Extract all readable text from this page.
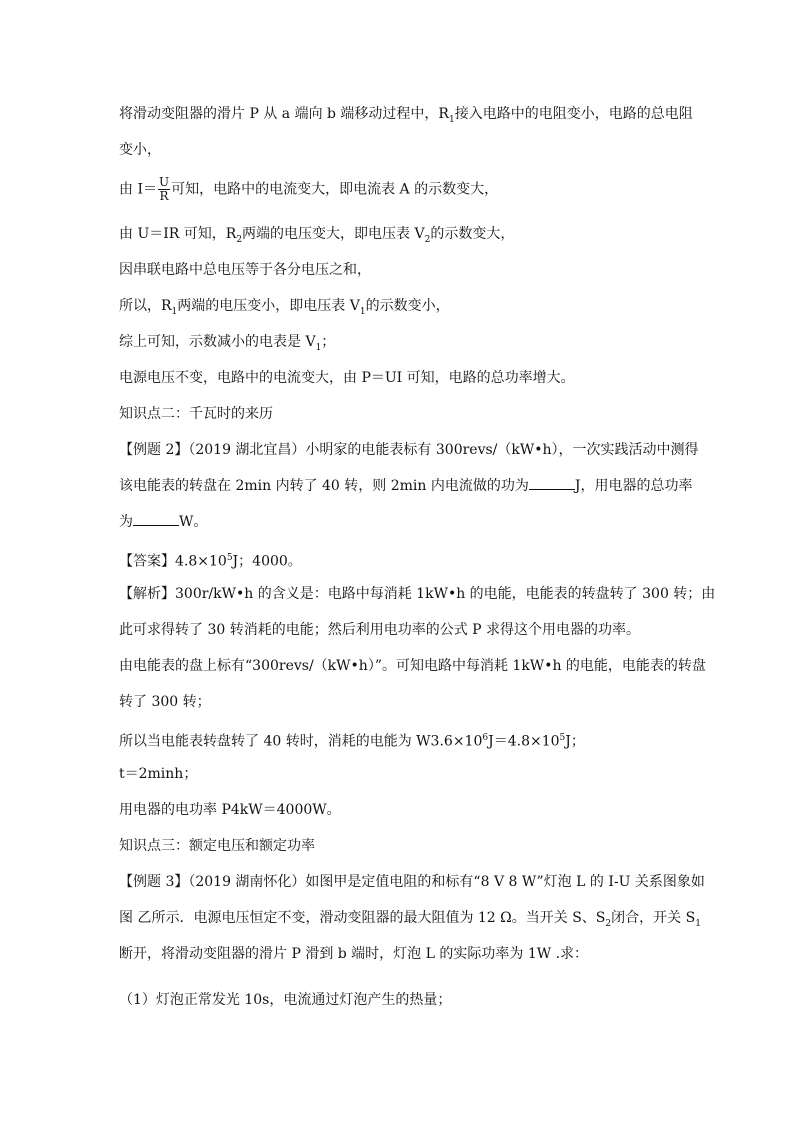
将滑动变阻器的滑片 P 从 a 端向 b 端移动过程中，$R_1$接入电路中的电阻变小，电路的总电阻
变小，
由 $I= \frac{U}{R}$ 可知，电路中的电流变大，即电流表 A 的示数变大，
由 U＝IR 可知，$R_2$两端的电压变大，即电压表 $V_2$的示数变大，
因串联电路中总电压等于各分电压之和，
所以，$R_1$两端的电压变小，即电压表 $V_1$的示数变小，
综上可知，示数减小的电表是 $V_1$；
电源电压不变，电路中的电流变大，由 P＝UI 可知，电路的总功率增大。
知识点二：千瓦时的来历
【例题 2】（2019 湖北宜昌）小明家的电能表标有 300revs/（kW•h），一次实践活动中测得
该电能表的转盘在 2min 内转了 40 转，则 2min 内电流做的功为	J，用电器的总功率
为	W。
【答案】$4.8\times 10^5J$；4000。
【解析】300r/kW•h 的含义是：电路中每消耗 1kW•h 的电能，电能表的转盘转了 300 转；由
此可求得转了 30 转消耗的电能；然后利用电功率的公式 P 求得这个用电器的功率。
由电能表的盘上标有“300revs/（kW•h）”。可知电路中每消耗 1kW•h 的电能，电能表的转盘
转了 300 转；
所以当电能表转盘转了 40 转时，消耗的电能为 $W3.6\times 10^6J=4.8\times 10^5J$；
t＝2minh；
用电器的电功率 P4kW＝4000W。
知识点三：额定电压和额定功率
【例题 3】（2019 湖南怀化）如图甲是定值电阻的和标有“8 V 8 W”灯泡 L 的 I-U 关系图象如
图 乙所示．电源电压恒定不变，滑动变阻器的最大阻值为 12 Ω。当开关 S、$S_2$闭合，开关 $S_1$
断开，将滑动变阻器的滑片 P 滑到 b 端时，灯泡 L 的实际功率为 1W .求：
（1）灯泡正常发光 10s，电流通过灯泡产生的热量；
